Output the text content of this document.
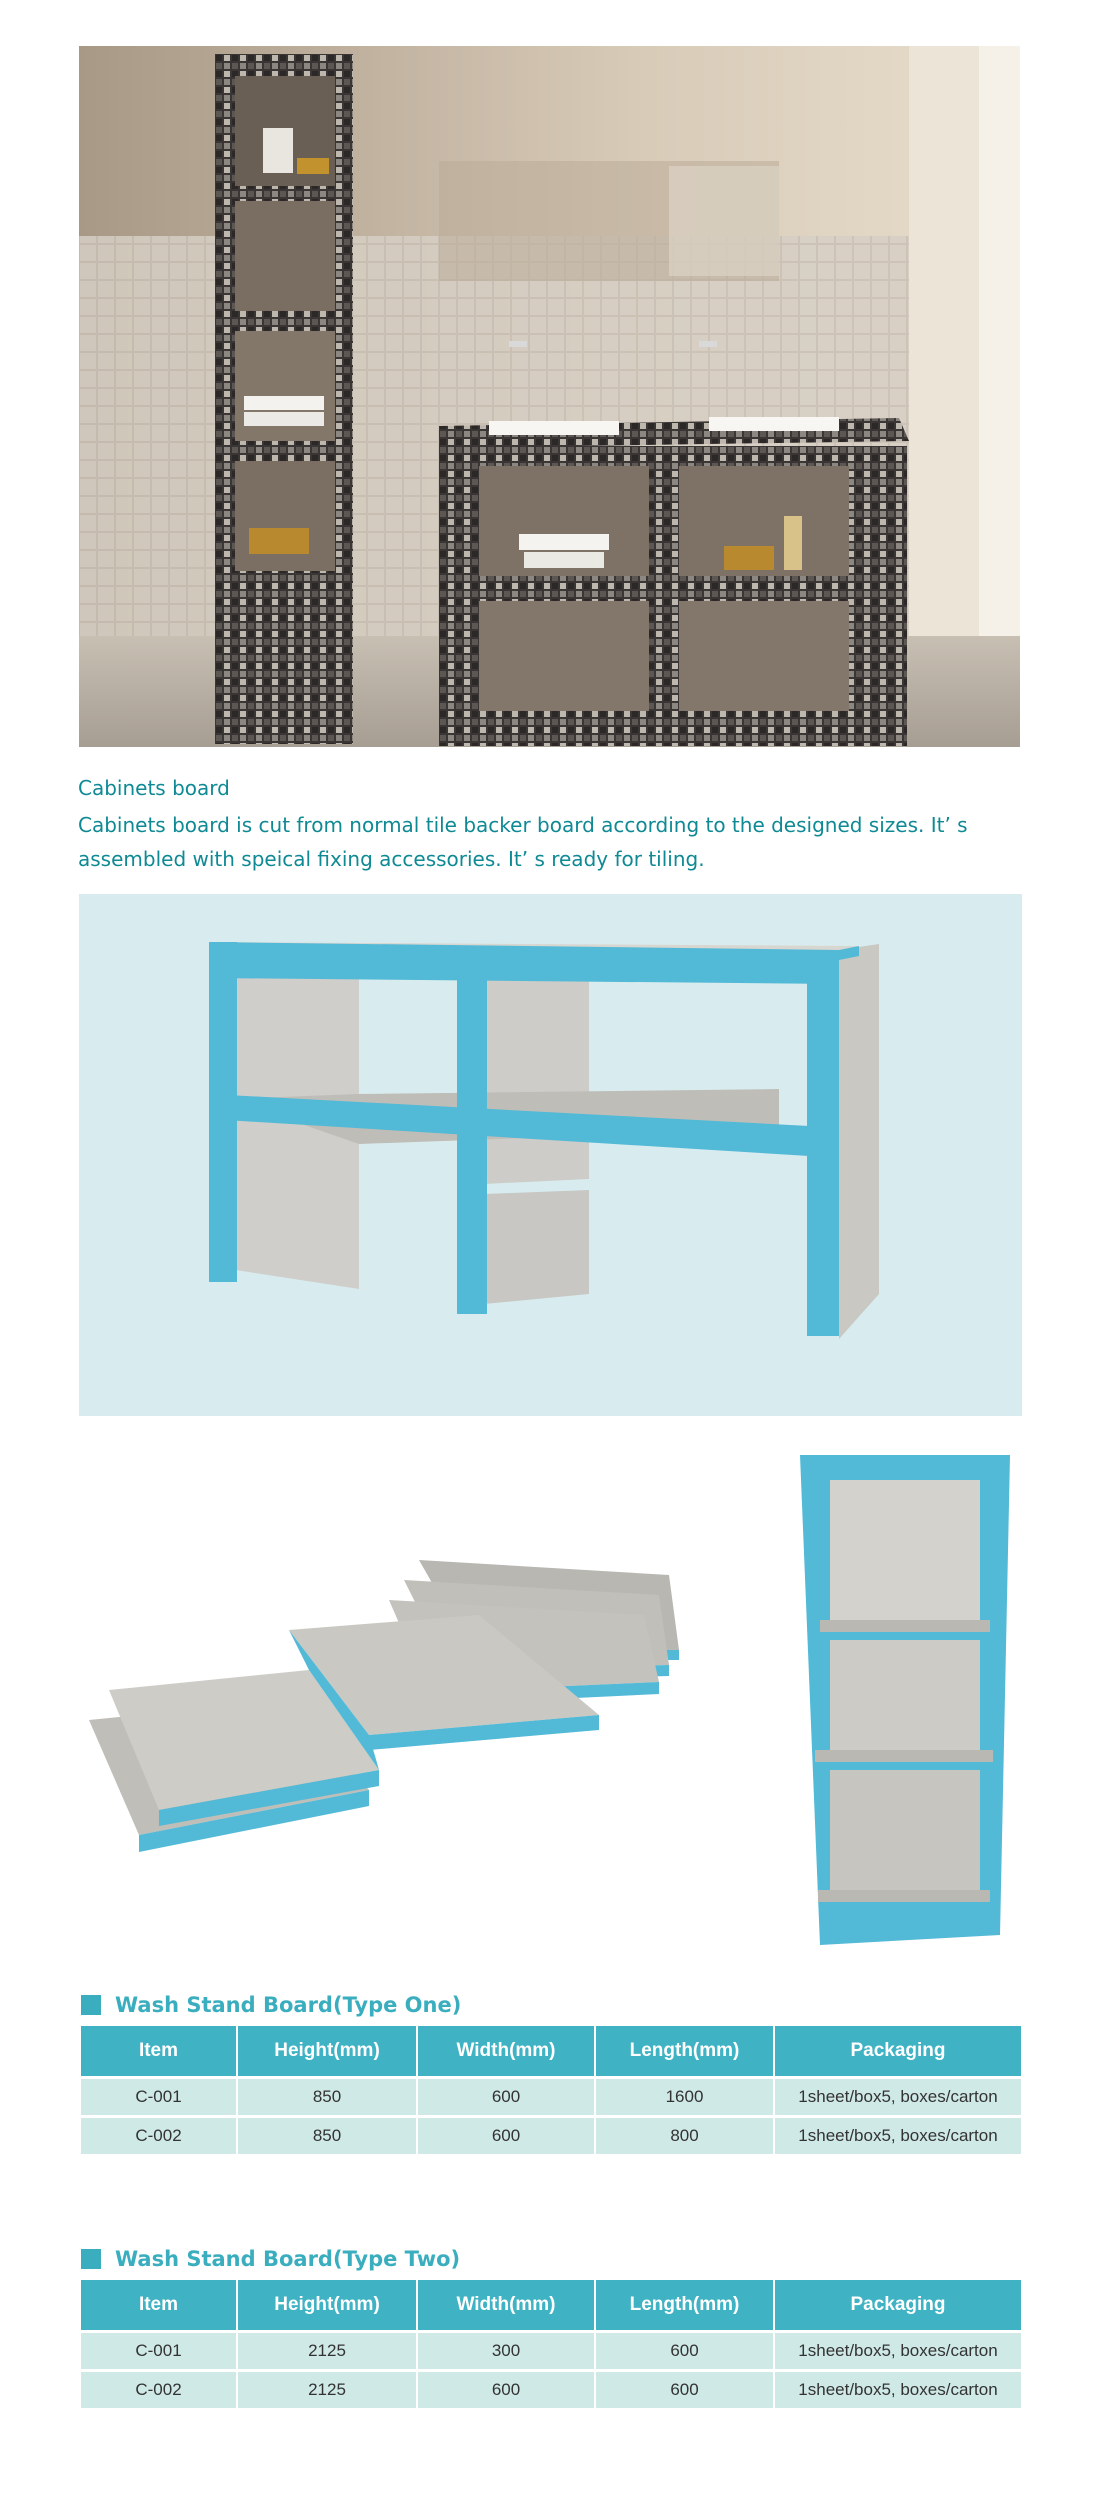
Cabinets board
Cabinets board is cut from normal tile backer board according to the designed sizes. It’ s assembled with speical fixing accessories. It’ s ready for tiling.
Wash Stand Board(Type One)
Item	Height(mm)	Width(mm)	Length(mm)	Packaging
C-001	850	600	1600	1sheet/box5, boxes/carton
C-002	850	600	800	1sheet/box5, boxes/carton
Wash Stand Board(Type Two)
Item	Height(mm)	Width(mm)	Length(mm)	Packaging
C-001	2125	300	600	1sheet/box5, boxes/carton
C-002	2125	600	600	1sheet/box5, boxes/carton
